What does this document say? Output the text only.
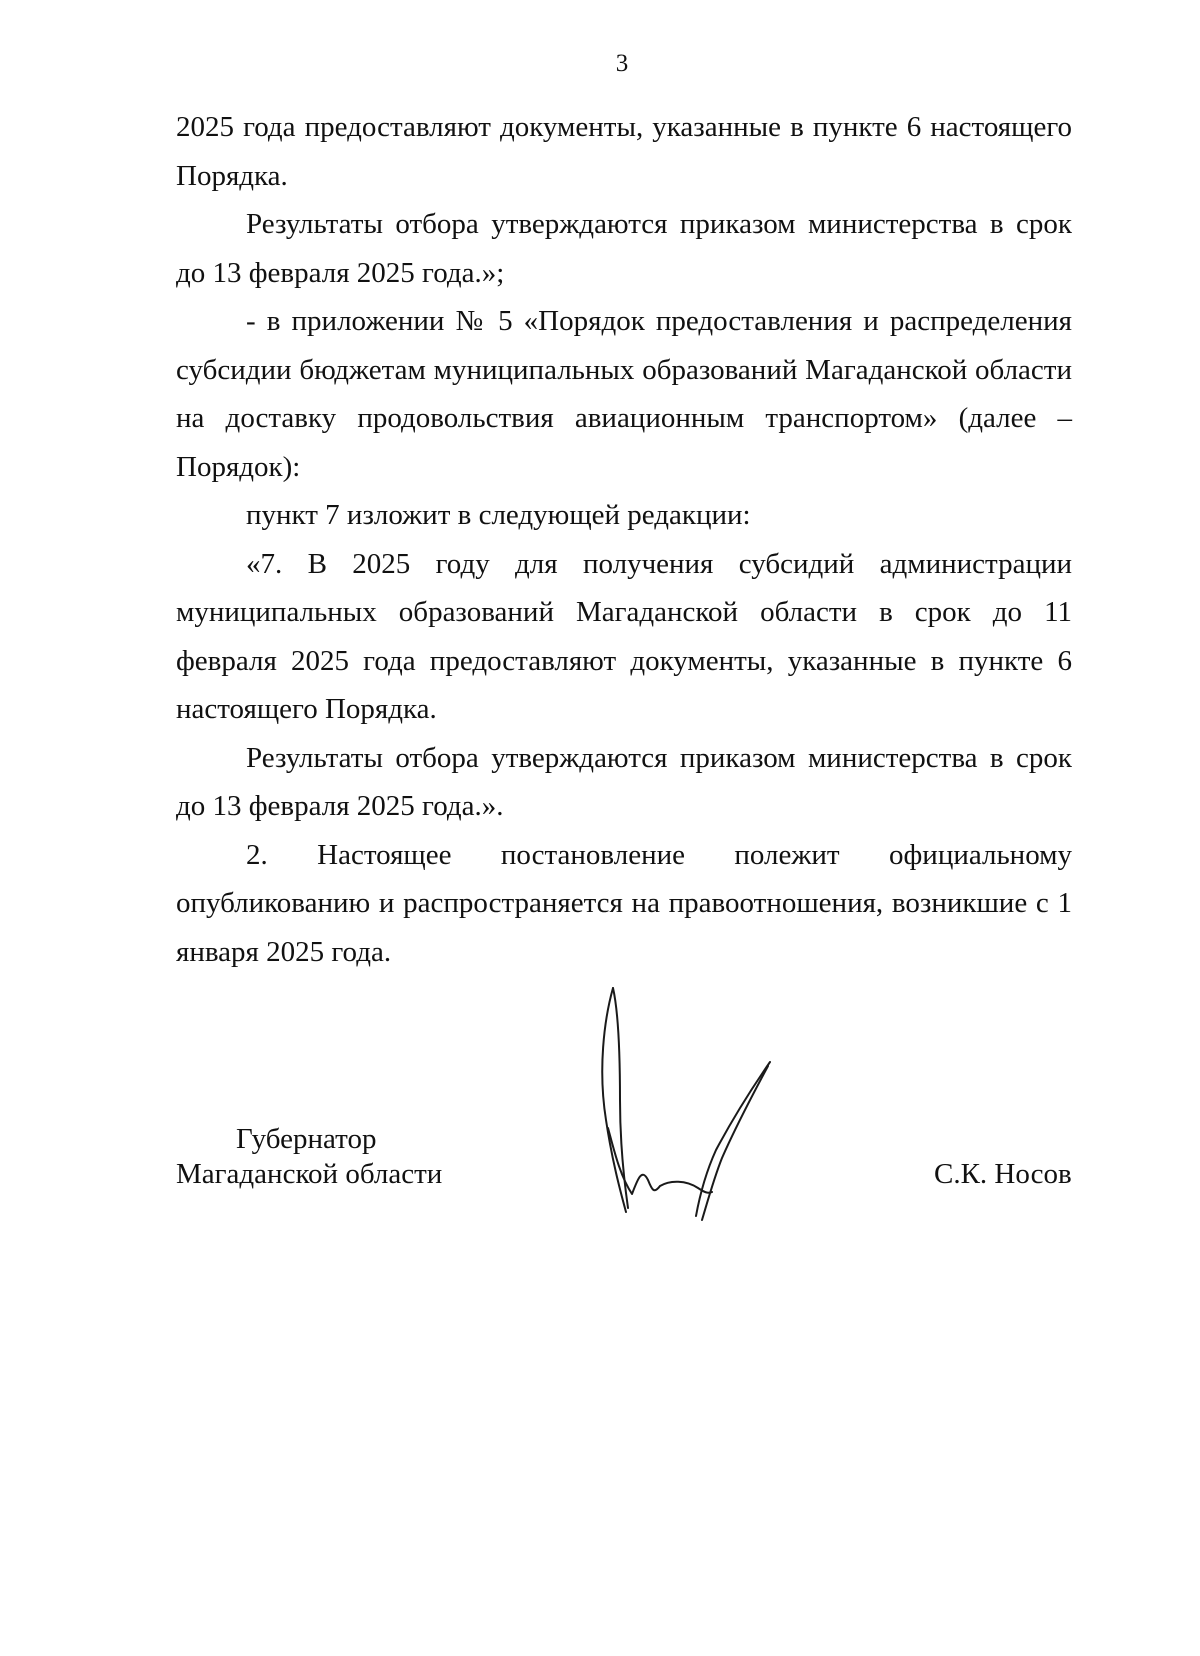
3

2025 года предоставляют документы, указанные в пункте 6 настоящего Порядка.

Результаты отбора утверждаются приказом министерства в срок до 13 февраля 2025 года.»;

- в приложении № 5 «Порядок предоставления и распределения субсидии бюджетам муниципальных образований Магаданской области на доставку продовольствия авиационным транспортом» (далее – Порядок):

пункт 7 изложит в следующей редакции:

«7. В 2025 году для получения субсидий администрации муниципальных образований Магаданской области в срок до 11 февраля 2025 года предоставляют документы, указанные в пункте 6 настоящего Порядка.

Результаты отбора утверждаются приказом министерства в срок до 13 февраля 2025 года.».

2. Настоящее постановление полежит официальному опубликованию и распространяется на правоотношения, возникшие с 1 января 2025 года.

Губернатор
Магаданской области	С.К. Носов
